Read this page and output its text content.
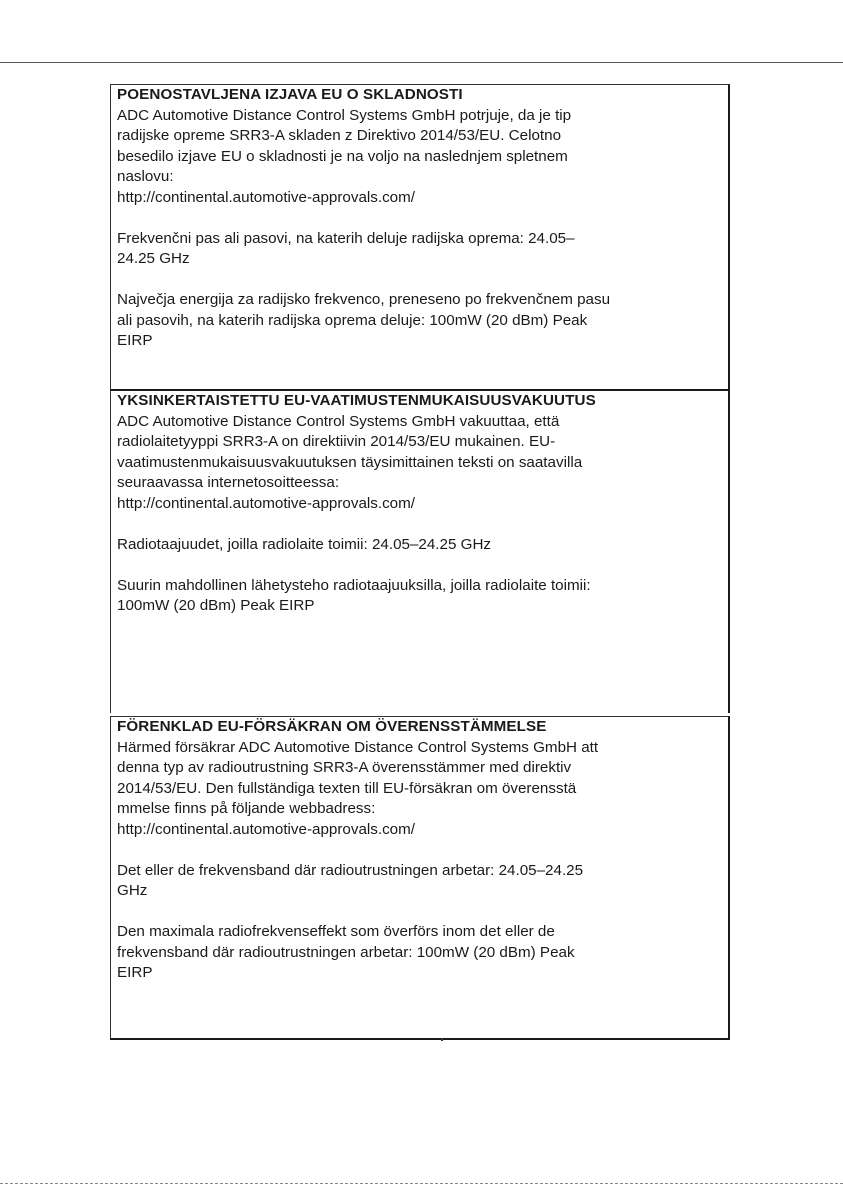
POENOSTAVLJENA IZJAVA EU O SKLADNOSTI

ADC Automotive Distance Control Systems GmbH potrjuje, da je tip

radijske opreme SRR3-A skladen z Direktivo 2014/53/EU. Celotno

besedilo izjave EU o skladnosti je na voljo na naslednjem spletnem

naslovu:

http://continental.automotive-approvals.com/

Frekvenčni pas ali pasovi, na katerih deluje radijska oprema: 24.05–

24.25 GHz

Največja energija za radijsko frekvenco, preneseno po frekvenčnem pasu

ali pasovih, na katerih radijska oprema deluje: 100mW (20 dBm) Peak

EIRP

YKSINKERTAISTETTU EU-VAATIMUSTENMUKAISUUSVAKUUTUS

ADC Automotive Distance Control Systems GmbH vakuuttaa, että

radiolaitetyyppi SRR3-A on direktiivin 2014/53/EU mukainen. EU-

vaatimustenmukaisuusvakuutuksen täysimittainen teksti on saatavilla

seuraavassa internetosoitteessa:

http://continental.automotive-approvals.com/

Radiotaajuudet, joilla radiolaite toimii: 24.05–24.25 GHz

Suurin mahdollinen lähetysteho radiotaajuuksilla, joilla radiolaite toimii:

100mW (20 dBm) Peak EIRP

FÖRENKLAD EU-FÖRSÄKRAN OM ÖVERENSSTÄMMELSE

Härmed försäkrar ADC Automotive Distance Control Systems GmbH att

denna typ av radioutrustning SRR3-A överensstämmer med direktiv

2014/53/EU. Den fullständiga texten till EU-försäkran om överensstä

mmelse finns på följande webbadress:

http://continental.automotive-approvals.com/

Det eller de frekvensband där radioutrustningen arbetar: 24.05–24.25

GHz

Den maximala radiofrekvenseffekt som överförs inom det eller de

frekvensband där radioutrustningen arbetar: 100mW (20 dBm) Peak

EIRP
